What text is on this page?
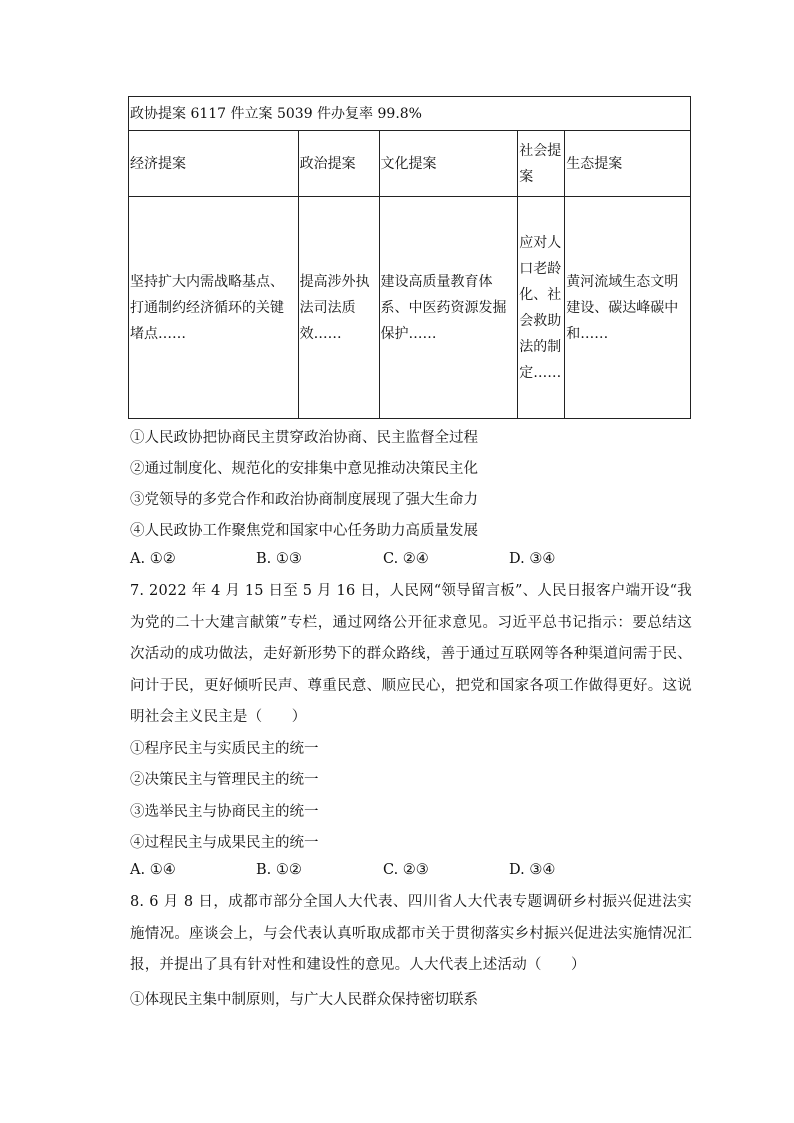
政协提案 6117 件立案 5039 件办复率 99.8%				
经济提案	政治提案	文化提案	社会提案	生态提案
坚持扩大内需战略基点、打通制约经济循环的关键堵点……	提高涉外执法司法质效……	建设高质量教育体系、中医药资源发掘保护……	应对人口老龄化、社会救助法的制定……	黄河流域生态文明建设、碳达峰碳中和……
①人民政协把协商民主贯穿政治协商、民主监督全过程
②通过制度化、规范化的安排集中意见推动决策民主化
③党领导的多党合作和政治协商制度展现了强大生命力
④人民政协工作聚焦党和国家中心任务助力高质量发展
A. ①②	B. ①③	C. ②④	D. ③④
7. 2022 年 4 月 15 日至 5 月 16 日，人民网“领导留言板”、人民日报客户端开设“我为党的二十大建言献策”专栏，通过网络公开征求意见。习近平总书记指示：要总结这次活动的成功做法，走好新形势下的群众路线，善于通过互联网等各种渠道问需于民、问计于民，更好倾听民声、尊重民意、顺应民心，把党和国家各项工作做得更好。这说明社会主义民主是（　　）
①程序民主与实质民主的统一
②决策民主与管理民主的统一
③选举民主与协商民主的统一
④过程民主与成果民主的统一
A. ①④	B. ①②	C. ②③	D. ③④
8. 6 月 8 日，成都市部分全国人大代表、四川省人大代表专题调研乡村振兴促进法实施情况。座谈会上，与会代表认真听取成都市关于贯彻落实乡村振兴促进法实施情况汇报，并提出了具有针对性和建设性的意见。人大代表上述活动（　　）
①体现民主集中制原则，与广大人民群众保持密切联系
